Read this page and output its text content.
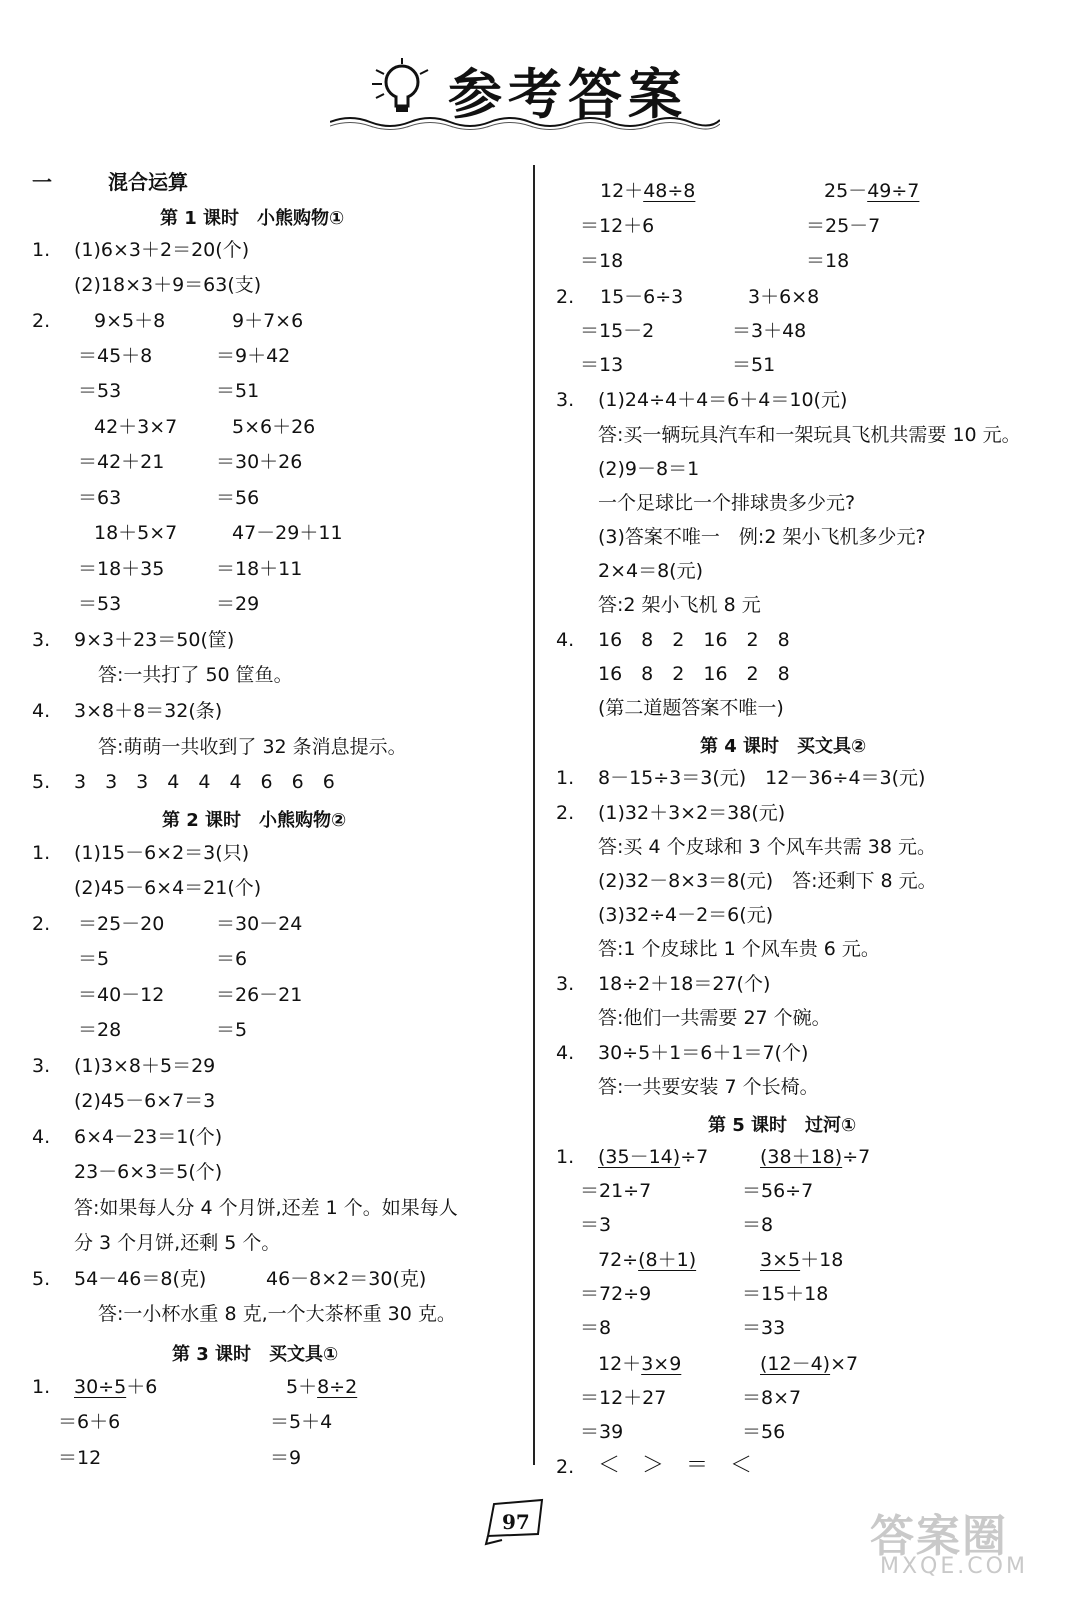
参考答案
一	混合运算
第 1 课时　小熊购物①
1. (1)6×3＋2＝20(个)
(2)18×3＋9＝63(支)
2. 9×5＋8	9＋7×6
＝45＋8	＝9＋42
＝53	＝51
42＋3×7	5×6＋26
＝42＋21	＝30＋26
＝63	＝56
18＋5×7	47－29＋11
＝18＋35	＝18＋11
＝53	＝29
3. 9×3＋23＝50(筐)
答:一共打了 50 筐鱼。
4. 3×8＋8＝32(条)
答:萌萌一共收到了 32 条消息提示。
5. 3　3　3　4　4　4　6　6　6
第 2 课时　小熊购物②
1. (1)15－6×2＝3(只)
(2)45－6×4＝21(个)
2. ＝25－20	＝30－24
＝5	＝6
＝40－12	＝26－21
＝28	＝5
3. (1)3×8＋5＝29
(2)45－6×7＝3
4. 6×4－23＝1(个)
23－6×3＝5(个)
答:如果每人分 4 个月饼,还差 1 个。如果每人
分 3 个月饼,还剩 5 个。
5. 54－46＝8(克)	46－8×2＝30(克)
答:一小杯水重 8 克,一个大茶杯重 30 克。
第 3 课时　买文具①
1. 30÷5＋6	5＋8÷2
＝6＋6	＝5＋4
＝12	＝9
12＋48÷8	25－49÷7
＝12＋6	＝25－7
＝18	＝18
2. 15－6÷3	3＋6×8
＝15－2	＝3＋48
＝13	＝51
3. (1)24÷4＋4＝6＋4＝10(元)
答:买一辆玩具汽车和一架玩具飞机共需要 10 元。
(2)9－8＝1
一个足球比一个排球贵多少元?
(3)答案不唯一　例:2 架小飞机多少元?
2×4＝8(元)
答:2 架小飞机 8 元
4. 16　8　2　16　2　8
16　8　2　16　2　8
(第二道题答案不唯一)
第 4 课时　买文具②
1. 8－15÷3＝3(元)　12－36÷4＝3(元)
2. (1)32＋3×2＝38(元)
答:买 4 个皮球和 3 个风车共需 38 元。
(2)32－8×3＝8(元)　答:还剩下 8 元。
(3)32÷4－2＝6(元)
答:1 个皮球比 1 个风车贵 6 元。
3. 18÷2＋18＝27(个)
答:他们一共需要 27 个碗。
4. 30÷5＋1＝6＋1＝7(个)
答:一共要安装 7 个长椅。
第 5 课时　过河①
1. (35－14)÷7	(38＋18)÷7
＝21÷7	＝56÷7
＝3	＝8
72÷(8＋1)	3×5＋18
＝72÷9	＝15＋18
＝8	＝33
12＋3×9	(12－4)×7
＝12＋27	＝8×7
＝39	＝56
2. ＜　＞　＝　＜
97	答案圈
MXQE.COM
